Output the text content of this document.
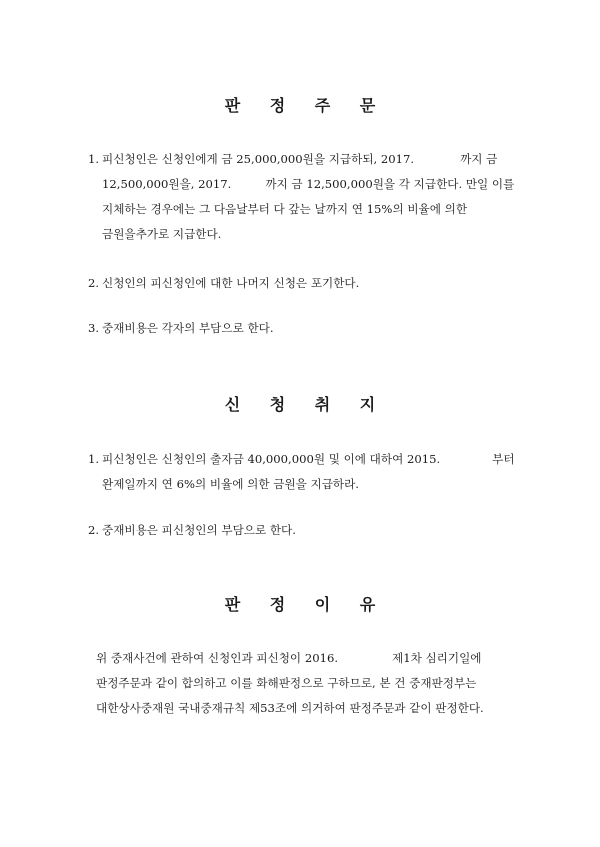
판 정 주 문
1. 피신청인은 신청인에게 금 25,000,000원을 지급하되, 2017.	까지 금
12,500,000원을, 2017.	까지 금 12,500,000원을 각 지급한다. 만일 이를
지체하는 경우에는 그 다음날부터 다 갚는 날까지 연 15%의 비율에 의한
금원을추가로 지급한다.
2. 신청인의 피신청인에 대한 나머지 신청은 포기한다.
3. 중재비용은 각자의 부담으로 한다.
신 청 취 지
1. 피신청인은 신청인의 출자금 40,000,000원 및 이에 대하여 2015.	부터
완제일까지 연 6%의 비율에 의한 금원을 지급하라.
2. 중재비용은 피신청인의 부담으로 한다.
판 정 이 유
위 중재사건에 관하여 신청인과 피신청이 2016.	제1차 심리기일에
판정주문과 같이 합의하고 이를 화해판정으로 구하므로, 본 건 중재판정부는
대한상사중재원 국내중재규칙 제53조에 의거하여 판정주문과 같이 판정한다.
